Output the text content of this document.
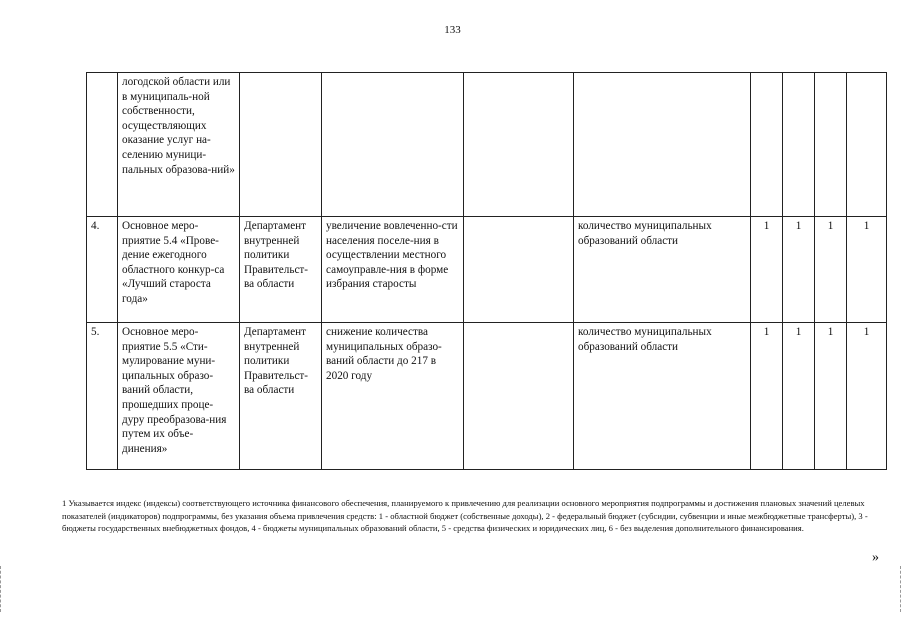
133
	логодской области или в муниципаль-ной собственности, осуществляющих оказание услуг на-селению муници-пальных образова-ний»								
4.	Основное меро-приятие 5.4 «Прове-дение ежегодного областного конкур-са «Лучший староста года»	Департамент внутренней политики Правительст-ва области	увеличение вовлеченно-сти населения поселе-ния в осуществлении местного самоуправле-ния в форме избрания старосты		количество муниципальных образований области	1	1	1	1
5.	Основное меро-приятие 5.5 «Сти-мулирование муни-ципальных образо-ваний области, прошедших проце-дуру преобразова-ния путем их объе-динения»	Департамент внутренней политики Правительст-ва области	снижение количества муниципальных образо-ваний области до 217 в 2020 году		количество муниципальных образований области	1	1	1	1
1 Указывается индекс (индексы) соответствующего источника финансового обеспечения, планируемого к привлечению для реализации основного мероприятия подпрограммы и достижения плановых значений целевых показателей (индикаторов) подпрограммы, без указания объема привлечения средств: 1 - областной бюджет (собственные доходы), 2 - федеральный бюджет (субсидии, субвенции и иные межбюджетные трансферты), 3 - бюджеты государственных внебюджетных фондов, 4 - бюджеты муниципальных образований области, 5 - средства физических и юридических лиц, 6 - без выделения дополнительного финансирования.
»
